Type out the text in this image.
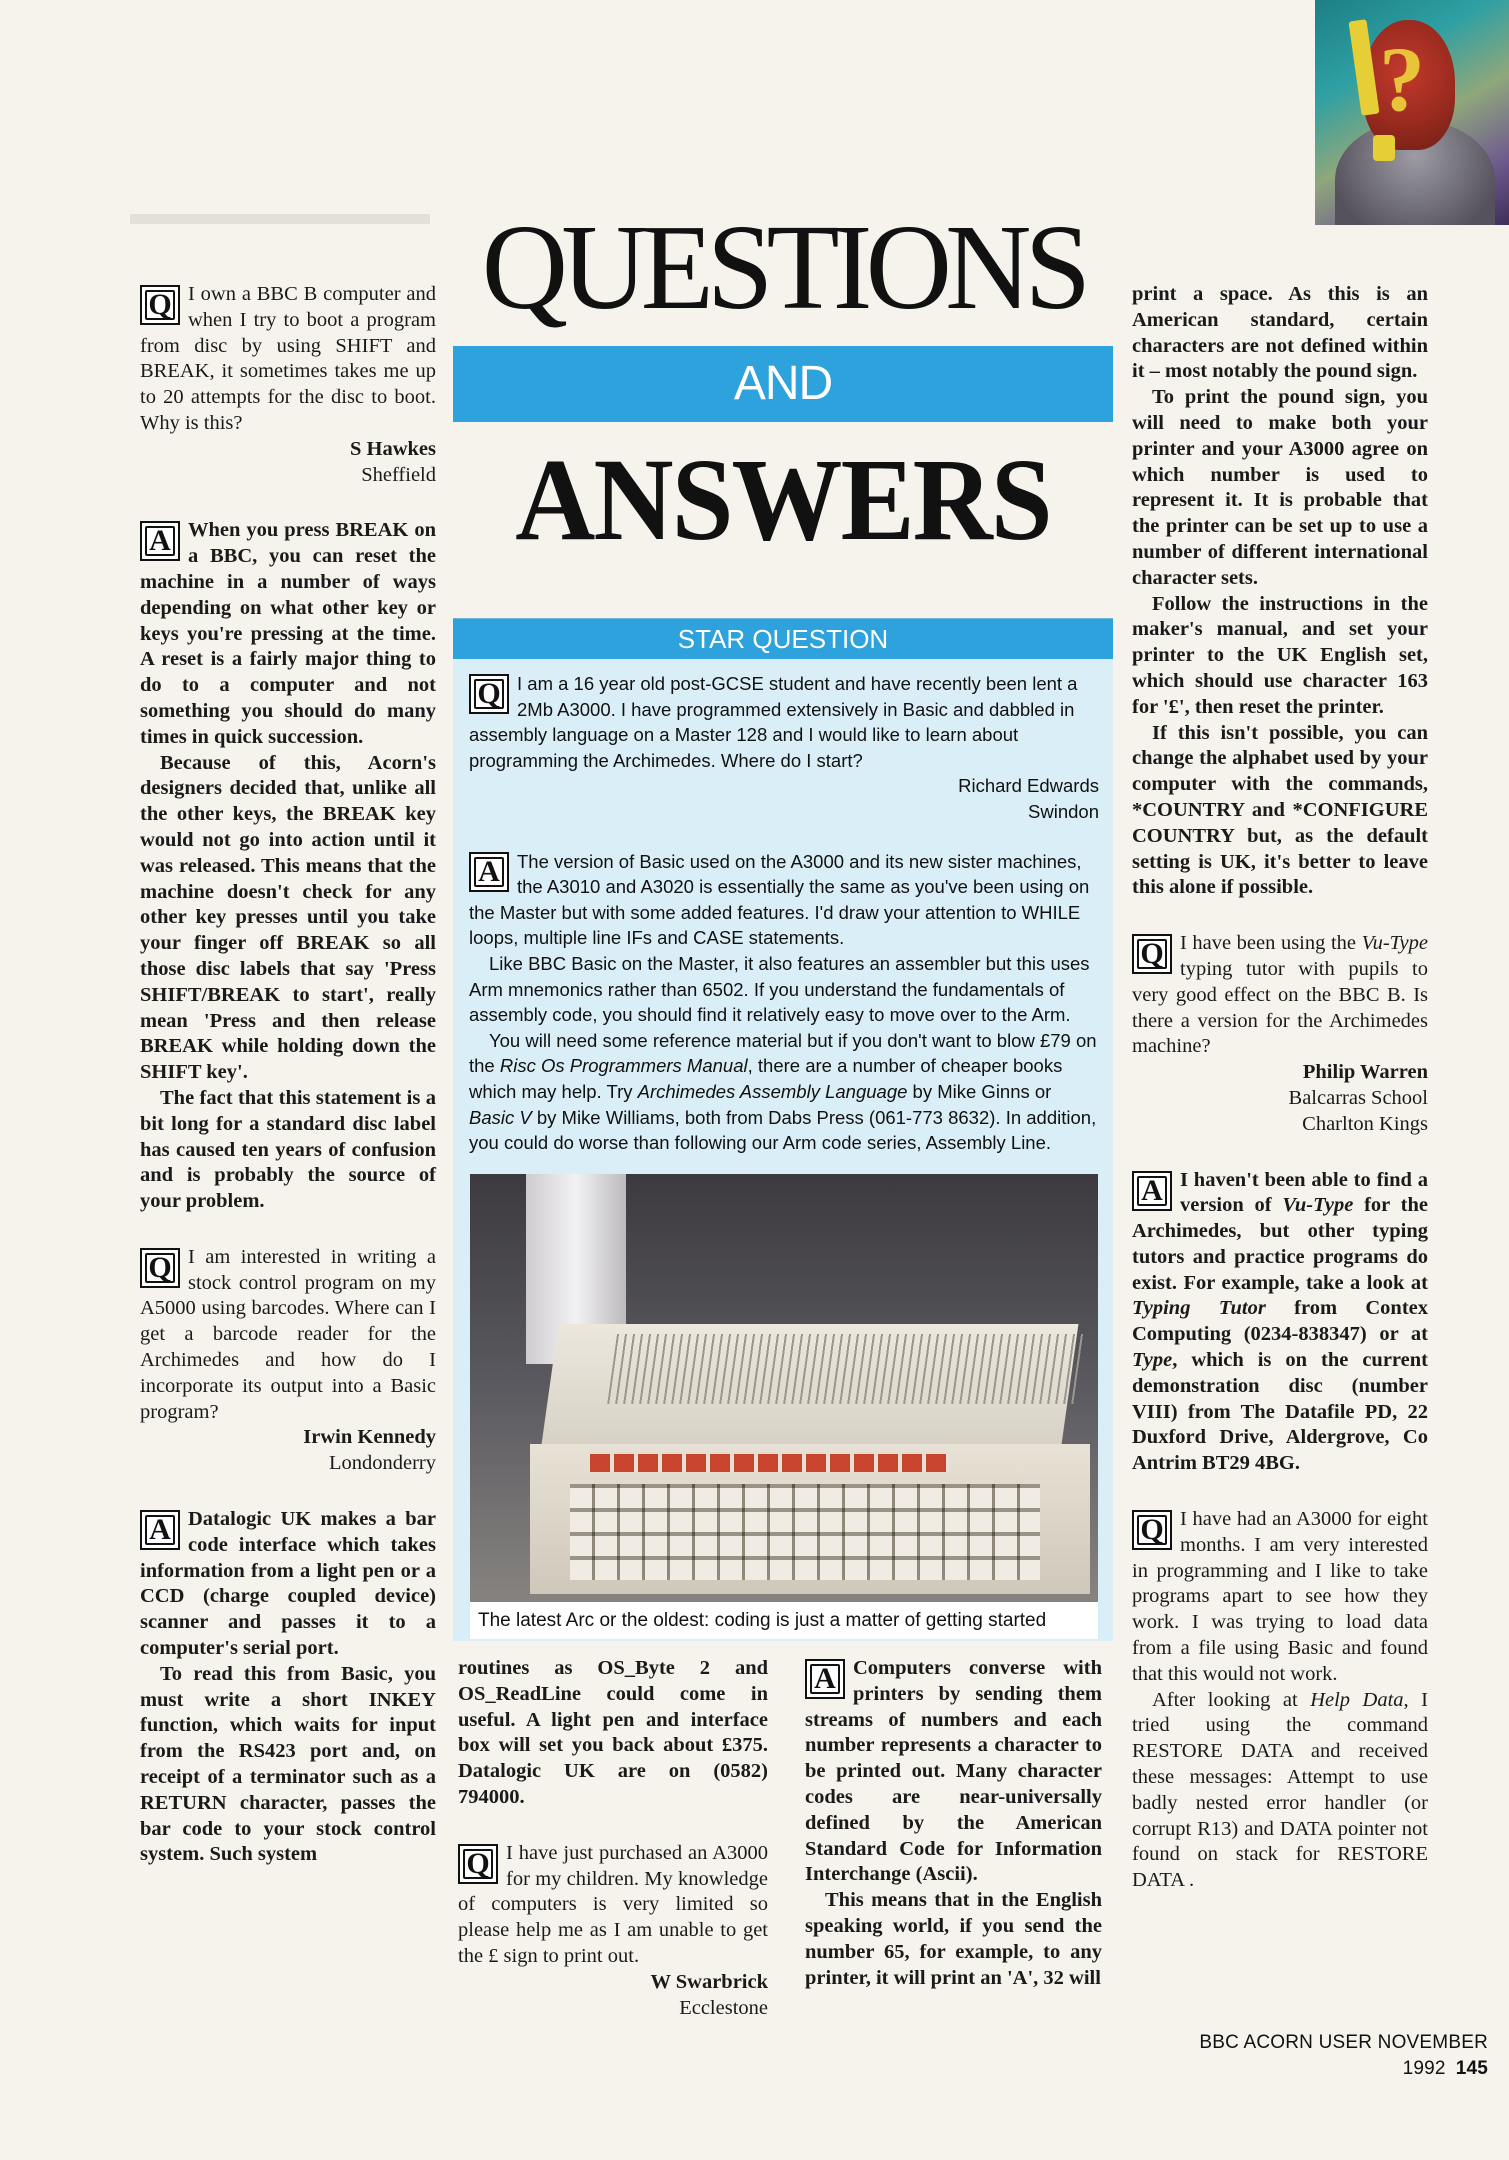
?
QUESTIONS
AND
ANSWERS
Q I own a BBC B computer and when I try to boot a program from disc by using SHIFT and BREAK, it sometimes takes me up to 20 attempts for the disc to boot. Why is this?

S Hawkes
Sheffield
A When you press BREAK on a BBC, you can reset the machine in a number of ways depending on what other key or keys you're pressing at the time. A reset is a fairly major thing to do to a computer and not something you should do many times in quick succession.

Because of this, Acorn's designers decided that, unlike all the other keys, the BREAK key would not go into action until it was released. This means that the machine doesn't check for any other key presses until you take your finger off BREAK so all those disc labels that say 'Press SHIFT/BREAK to start', really mean 'Press and then release BREAK while holding down the SHIFT key'.

The fact that this statement is a bit long for a standard disc label has caused ten years of confusion and is probably the source of your problem.

Q I am interested in writing a stock control program on my A5000 using barcodes. Where can I get a barcode reader for the Archimedes and how do I incorporate its output into a Basic program?

Irwin Kennedy
Londonderry
A Datalogic UK makes a bar code interface which takes information from a light pen or a CCD (charge coupled device) scanner and passes it to a computer's serial port.

To read this from Basic, you must write a short INKEY function, which waits for input from the RS423 port and, on receipt of a terminator such as a RETURN character, passes the bar code to your stock control system. Such system

STAR QUESTION
Q I am a 16 year old post-GCSE student and have recently been lent a 2Mb A3000. I have programmed extensively in Basic and dabbled in assembly language on a Master 128 and I would like to learn about programming the Archimedes. Where do I start?

Richard Edwards
Swindon
A The version of Basic used on the A3000 and its new sister machines, the A3010 and A3020 is essentially the same as you've been using on the Master but with some added features. I'd draw your attention to WHILE loops, multiple line IFs and CASE statements.

Like BBC Basic on the Master, it also features an assembler but this uses Arm mnemonics rather than 6502. If you understand the fundamentals of assembly code, you should find it relatively easy to move over to the Arm.

You will need some reference material but if you don't want to blow £79 on the Risc Os Programmers Manual, there are a number of cheaper books which may help. Try Archimedes Assembly Language by Mike Ginns or Basic V by Mike Williams, both from Dabs Press (061-773 8632). In addition, you could do worse than following our Arm code series, Assembly Line.

The latest Arc or the oldest: coding is just a matter of getting started

routines as OS_Byte 2 and OS_ReadLine could come in useful. A light pen and interface box will set you back about £375. Datalogic UK are on (0582) 794000.

Q I have just purchased an A3000 for my children. My knowledge of computers is very limited so please help me as I am unable to get the £ sign to print out.

W Swarbrick
Ecclestone
A Computers converse with printers by sending them streams of numbers and each number represents a character to be printed out. Many character codes are near-universally defined by the American Standard Code for Information Interchange (Ascii).

This means that in the English speaking world, if you send the number 65, for example, to any printer, it will print an 'A', 32 will

print a space. As this is an American standard, certain characters are not defined within it – most notably the pound sign.

To print the pound sign, you will need to make both your printer and your A3000 agree on which number is used to represent it. It is probable that the printer can be set up to use a number of different international character sets.

Follow the instructions in the maker's manual, and set your printer to the UK English set, which should use character 163 for '£', then reset the printer.

If this isn't possible, you can change the alphabet used by your computer with the commands, *COUNTRY and *CONFIGURE COUNTRY but, as the default setting is UK, it's better to leave this alone if possible.

Q I have been using the Vu-Type typing tutor with pupils to very good effect on the BBC B. Is there a version for the Archimedes machine?

Philip Warren
Balcarras School
Charlton Kings
A I haven't been able to find a version of Vu-Type for the Archimedes, but other typing tutors and practice programs do exist. For example, take a look at Typing Tutor from Contex Computing (0234-838347) or at Type, which is on the current demonstration disc (number VIII) from The Datafile PD, 22 Duxford Drive, Aldergrove, Co Antrim BT29 4BG.

Q I have had an A3000 for eight months. I am very interested in programming and I like to take programs apart to see how they work. I was trying to load data from a file using Basic and found that this would not work.

After looking at Help Data, I tried using the command RESTORE DATA and received these messages: Attempt to use badly nested error handler (or corrupt R13) and DATA pointer not found on stack for RESTORE DATA .

BBC ACORN USER NOVEMBER 1992 145
